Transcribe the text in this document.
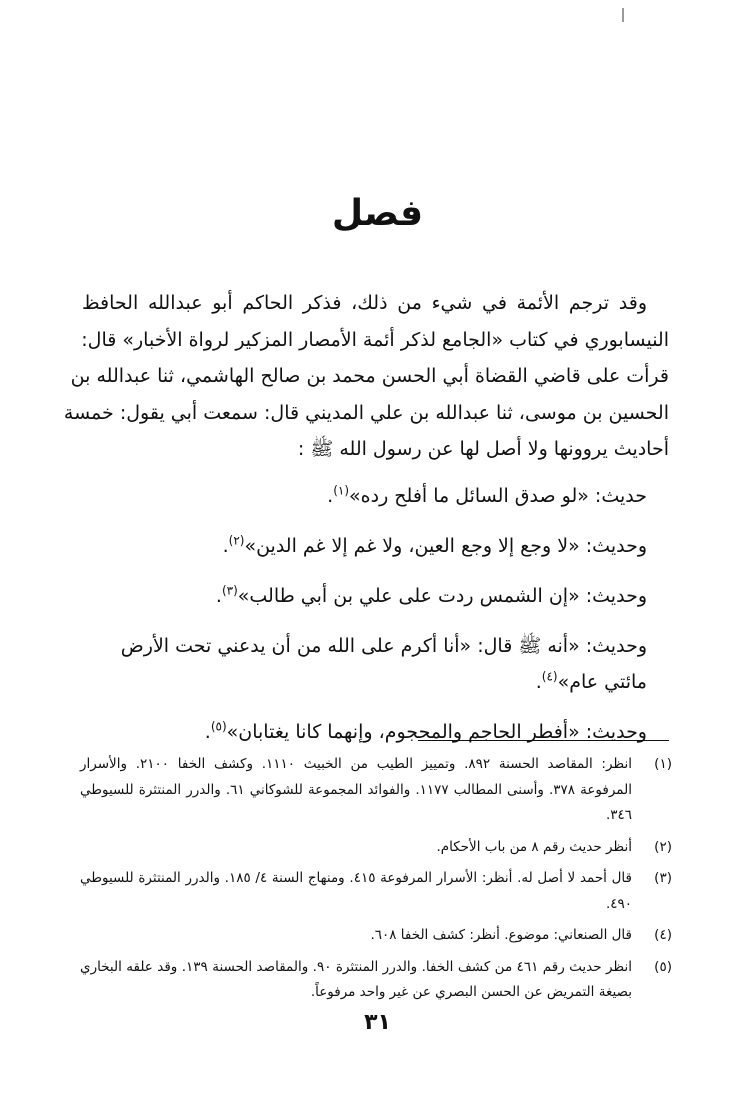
فصل

وقد ترجم الأئمة في شيء من ذلك، فذكر الحاكم أبو عبدالله الحافظ

النيسابوري في كتاب «الجامع لذكر أئمة الأمصار المزكير لرواة الأخبار» قال:

قرأت على قاضي القضاة أبي الحسن محمد بن صالح الهاشمي، ثنا عبدالله بن

الحسين بن موسى، ثنا عبدالله بن علي المديني قال: سمعت أبي يقول: خمسة

أحاديث يروونها ولا أصل لها عن رسول الله ﷺ :

حديث: «لو صدق السائل ما أفلح رده»$^{(١)}$.

وحديث: «لا وجع إلا وجع العين، ولا غم إلا غم الدين»$^{(٢)}$.

وحديث: «إن الشمس ردت على علي بن أبي طالب»$^{(٣)}$.

وحديث: «أنه ﷺ قال: «أنا أكرم على الله من أن يدعني تحت الأرض مائتي عام»$^{(٤)}$.

وحديث: «أفطر الحاجم والمحجوم، وإنهما كانا يغتابان»$^{(٥)}$.

(١)
انظر: المقاصد الحسنة ٨٩٢. وتمييز الطيب من الخبيث ١١١٠. وكشف الخفا ٢١٠٠. والأسرار المرفوعة ٣٧٨. وأسنى المطالب ١١٧٧. والفوائد المجموعة للشوكاني ٦١. والدرر المنتثرة للسيوطي ٣٤٦.
(٢)
أنظر حديث رقم ٨ من باب الأحكام.
(٣)
قال أحمد لا أصل له. أنظر: الأسرار المرفوعة ٤١٥. ومنهاج السنة ٤/ ١٨٥. والدرر المنتثرة للسيوطي ٤٩٠.
(٤)
قال الصنعاني: موضوع. أنظر: كشف الخفا ٦٠٨.
(٥)
انظر حديث رقم ٤٦١ من كشف الخفا. والدرر المنتثرة ٩٠. والمقاصد الحسنة ١٣٩. وقد علقه البخاري بصيغة التمريض عن الحسن البصري عن غير واحد مرفوعاً.
٣١
